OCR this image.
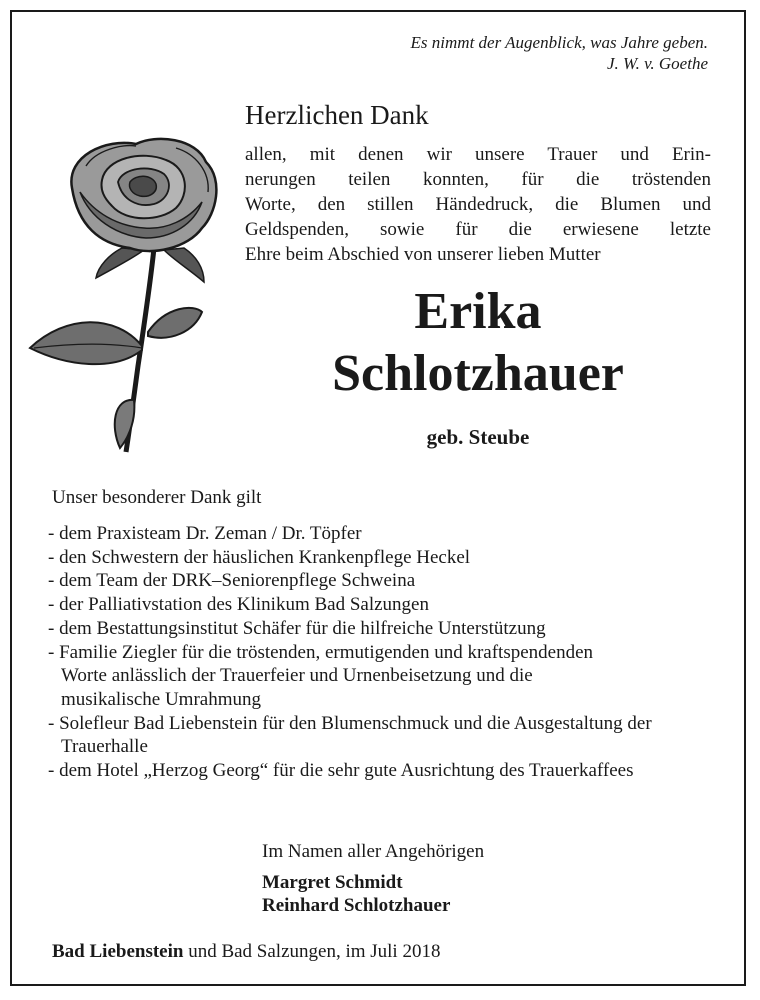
Es nimmt der Augenblick, was Jahre geben.
J. W. v. Goethe
Herzlichen Dank
allen, mit denen wir unsere Trauer und Erin-
nerungen teilen konnten, für die tröstenden
Worte, den stillen Händedruck, die Blumen und
Geldspenden, sowie für die erwiesene letzte
Ehre beim Abschied von unserer lieben Mutter
Erika
Schlotzhauer
geb. Steube
Unser besonderer Dank gilt
- dem Praxisteam Dr. Zeman / Dr. Töpfer
- den Schwestern der häuslichen Krankenpflege Heckel
- dem Team der DRK–Seniorenpflege Schweina
- der Palliativstation des Klinikum Bad Salzungen
- dem Bestattungsinstitut Schäfer für die hilfreiche Unterstützung
- Familie Ziegler für die tröstenden, ermutigenden und kraftspendenden Worte anlässlich der Trauerfeier und Urnenbeisetzung und die musikalische Umrahmung
- Solefleur Bad Liebenstein für den Blumenschmuck und die Ausgestaltung der Trauerhalle
- dem Hotel „Herzog Georg“ für die sehr gute Ausrichtung des Trauerkaffees
Im Namen aller Angehörigen
Margret Schmidt
Reinhard Schlotzhauer
Bad Liebenstein und Bad Salzungen, im Juli 2018
